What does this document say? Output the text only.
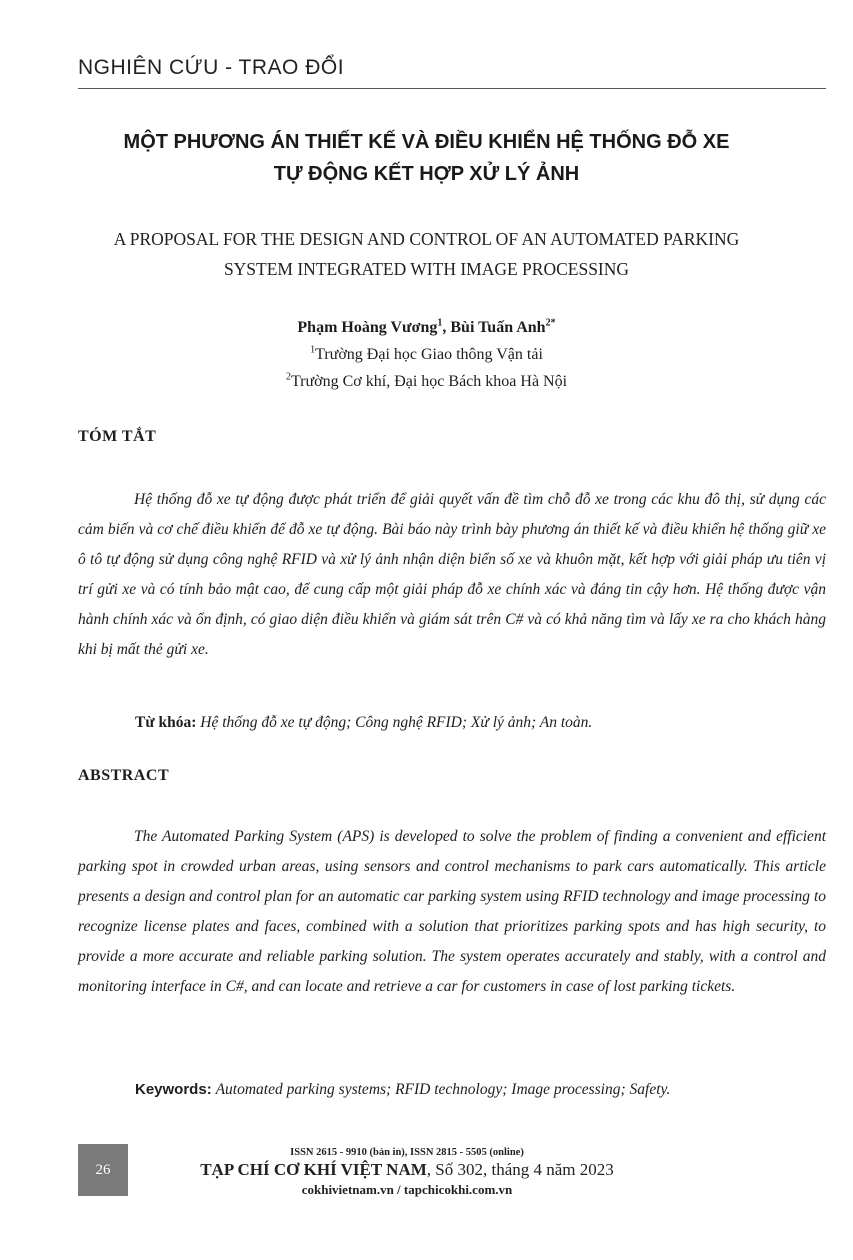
NGHIÊN CỨU - TRAO ĐỔI
MỘT PHƯƠNG ÁN THIẾT KẾ VÀ ĐIỀU KHIỂN HỆ THỐNG ĐỖ XE
TỰ ĐỘNG KẾT HỢP XỬ LÝ ẢNH
A PROPOSAL FOR THE DESIGN AND CONTROL OF AN AUTOMATED PARKING
SYSTEM INTEGRATED WITH IMAGE PROCESSING
Phạm Hoàng Vương$^1$, Bùi Tuấn Anh$^{2*}$
$^1$Trường Đại học Giao thông Vận tải
$^2$Trường Cơ khí, Đại học Bách khoa Hà Nội
TÓM TẮT
Hệ thống đỗ xe tự động được phát triển để giải quyết vấn đề tìm chỗ đỗ xe trong các khu đô thị, sử dụng các cảm biến và cơ chế điều khiển để đỗ xe tự động. Bài báo này trình bày phương án thiết kế và điều khiển hệ thống giữ xe ô tô tự động sử dụng công nghệ RFID và xử lý ảnh nhận diện biển số xe và khuôn mặt, kết hợp với giải pháp ưu tiên vị trí gửi xe và có tính bảo mật cao, để cung cấp một giải pháp đỗ xe chính xác và đáng tin cậy hơn. Hệ thống được vận hành chính xác và ổn định, có giao diện điều khiển và giám sát trên C# và có khả năng tìm và lấy xe ra cho khách hàng khi bị mất thẻ gửi xe.
Từ khóa: Hệ thống đỗ xe tự động; Công nghệ RFID; Xử lý ảnh; An toàn.
ABSTRACT
The Automated Parking System (APS) is developed to solve the problem of finding a convenient and efficient parking spot in crowded urban areas, using sensors and control mechanisms to park cars automatically. This article presents a design and control plan for an automatic car parking system using RFID technology and image processing to recognize license plates and faces, combined with a solution that prioritizes parking spots and has high security, to provide a more accurate and reliable parking solution. The system operates accurately and stably, with a control and monitoring interface in C#, and can locate and retrieve a car for customers in case of lost parking tickets.
Keywords: Automated parking systems; RFID technology; Image processing; Safety.
26
ISSN 2615 - 9910 (bản in), ISSN 2815 - 5505 (online)
TẠP CHÍ CƠ KHÍ VIỆT NAM, Số 302, tháng 4 năm 2023
cokhivietnam.vn / tapchicokhi.com.vn
